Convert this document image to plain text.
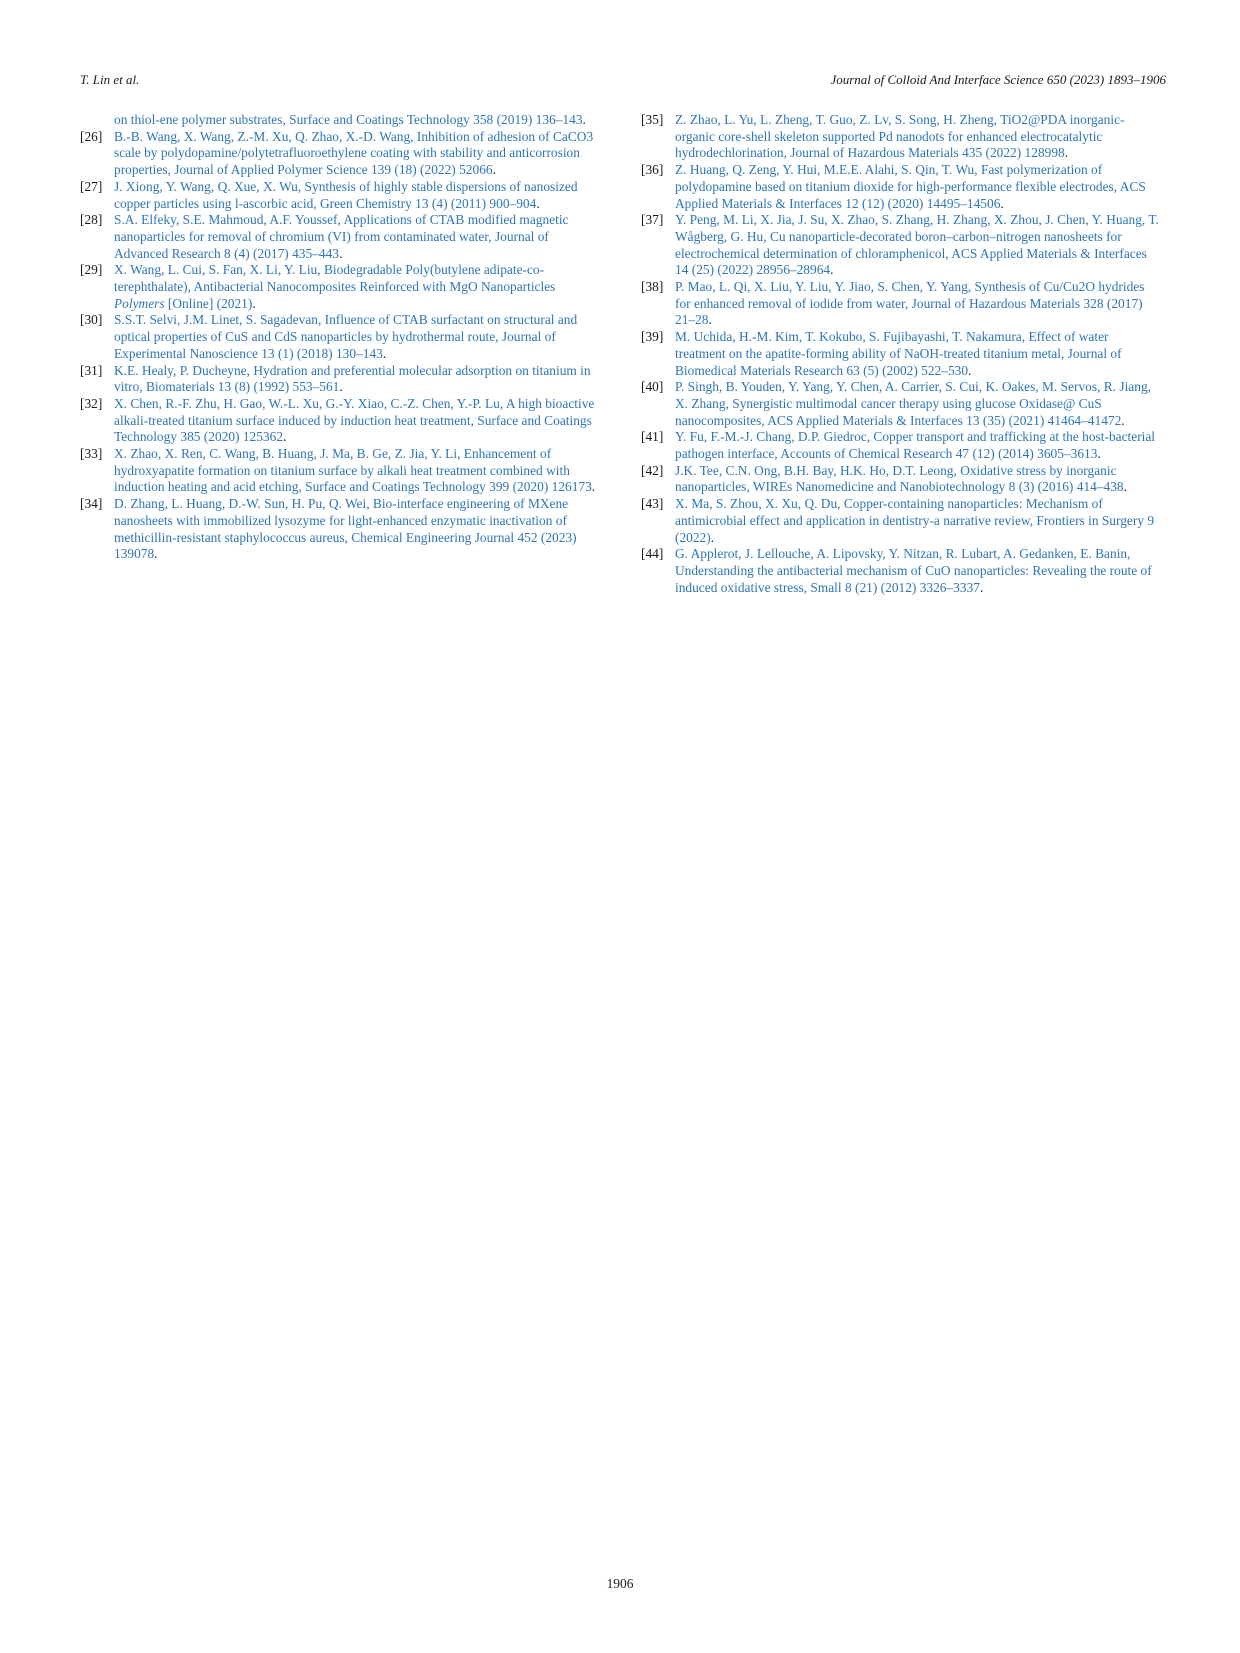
T. Lin et al.	Journal of Colloid And Interface Science 650 (2023) 1893–1906
on thiol-ene polymer substrates, Surface and Coatings Technology 358 (2019) 136–143.
[26] B.-B. Wang, X. Wang, Z.-M. Xu, Q. Zhao, X.-D. Wang, Inhibition of adhesion of CaCO3 scale by polydopamine/polytetrafluoroethylene coating with stability and anticorrosion properties, Journal of Applied Polymer Science 139 (18) (2022) 52066.
[27] J. Xiong, Y. Wang, Q. Xue, X. Wu, Synthesis of highly stable dispersions of nanosized copper particles using l-ascorbic acid, Green Chemistry 13 (4) (2011) 900–904.
[28] S.A. Elfeky, S.E. Mahmoud, A.F. Youssef, Applications of CTAB modified magnetic nanoparticles for removal of chromium (VI) from contaminated water, Journal of Advanced Research 8 (4) (2017) 435–443.
[29] X. Wang, L. Cui, S. Fan, X. Li, Y. Liu, Biodegradable Poly(butylene adipate-co-terephthalate), Antibacterial Nanocomposites Reinforced with MgO Nanoparticles Polymers [Online] (2021).
[30] S.S.T. Selvi, J.M. Linet, S. Sagadevan, Influence of CTAB surfactant on structural and optical properties of CuS and CdS nanoparticles by hydrothermal route, Journal of Experimental Nanoscience 13 (1) (2018) 130–143.
[31] K.E. Healy, P. Ducheyne, Hydration and preferential molecular adsorption on titanium in vitro, Biomaterials 13 (8) (1992) 553–561.
[32] X. Chen, R.-F. Zhu, H. Gao, W.-L. Xu, G.-Y. Xiao, C.-Z. Chen, Y.-P. Lu, A high bioactive alkali-treated titanium surface induced by induction heat treatment, Surface and Coatings Technology 385 (2020) 125362.
[33] X. Zhao, X. Ren, C. Wang, B. Huang, J. Ma, B. Ge, Z. Jia, Y. Li, Enhancement of hydroxyapatite formation on titanium surface by alkali heat treatment combined with induction heating and acid etching, Surface and Coatings Technology 399 (2020) 126173.
[34] D. Zhang, L. Huang, D.-W. Sun, H. Pu, Q. Wei, Bio-interface engineering of MXene nanosheets with immobilized lysozyme for light-enhanced enzymatic inactivation of methicillin-resistant staphylococcus aureus, Chemical Engineering Journal 452 (2023) 139078.
[35] Z. Zhao, L. Yu, L. Zheng, T. Guo, Z. Lv, S. Song, H. Zheng, TiO2@PDA inorganic-organic core-shell skeleton supported Pd nanodots for enhanced electrocatalytic hydrodechlorination, Journal of Hazardous Materials 435 (2022) 128998.
[36] Z. Huang, Q. Zeng, Y. Hui, M.E.E. Alahi, S. Qin, T. Wu, Fast polymerization of polydopamine based on titanium dioxide for high-performance flexible electrodes, ACS Applied Materials & Interfaces 12 (12) (2020) 14495–14506.
[37] Y. Peng, M. Li, X. Jia, J. Su, X. Zhao, S. Zhang, H. Zhang, X. Zhou, J. Chen, Y. Huang, T. Wågberg, G. Hu, Cu nanoparticle-decorated boron–carbon–nitrogen nanosheets for electrochemical determination of chloramphenicol, ACS Applied Materials & Interfaces 14 (25) (2022) 28956–28964.
[38] P. Mao, L. Qi, X. Liu, Y. Liu, Y. Jiao, S. Chen, Y. Yang, Synthesis of Cu/Cu2O hydrides for enhanced removal of iodide from water, Journal of Hazardous Materials 328 (2017) 21–28.
[39] M. Uchida, H.-M. Kim, T. Kokubo, S. Fujibayashi, T. Nakamura, Effect of water treatment on the apatite-forming ability of NaOH-treated titanium metal, Journal of Biomedical Materials Research 63 (5) (2002) 522–530.
[40] P. Singh, B. Youden, Y. Yang, Y. Chen, A. Carrier, S. Cui, K. Oakes, M. Servos, R. Jiang, X. Zhang, Synergistic multimodal cancer therapy using glucose Oxidase@ CuS nanocomposites, ACS Applied Materials & Interfaces 13 (35) (2021) 41464–41472.
[41] Y. Fu, F.-M.-J. Chang, D.P. Giedroc, Copper transport and trafficking at the host-bacterial pathogen interface, Accounts of Chemical Research 47 (12) (2014) 3605–3613.
[42] J.K. Tee, C.N. Ong, B.H. Bay, H.K. Ho, D.T. Leong, Oxidative stress by inorganic nanoparticles, WIREs Nanomedicine and Nanobiotechnology 8 (3) (2016) 414–438.
[43] X. Ma, S. Zhou, X. Xu, Q. Du, Copper-containing nanoparticles: Mechanism of antimicrobial effect and application in dentistry-a narrative review, Frontiers in Surgery 9 (2022).
[44] G. Applerot, J. Lellouche, A. Lipovsky, Y. Nitzan, R. Lubart, A. Gedanken, E. Banin, Understanding the antibacterial mechanism of CuO nanoparticles: Revealing the route of induced oxidative stress, Small 8 (21) (2012) 3326–3337.
1906
